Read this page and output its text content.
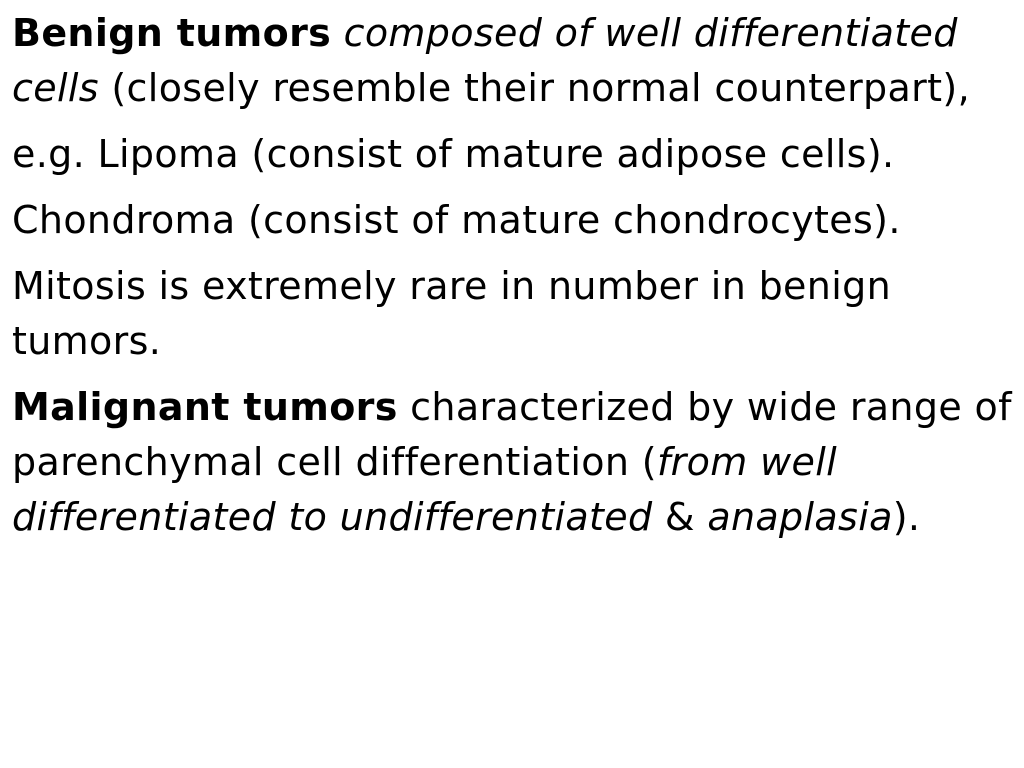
Benign tumors composed of well differentiated cells (closely resemble their normal counterpart),

e.g. Lipoma (consist of mature adipose cells).

Chondroma (consist of mature chondrocytes).

Mitosis is extremely rare in number in benign tumors.

Malignant tumors characterized by wide range of parenchymal cell differentiation (from well differentiated to undifferentiated & anaplasia).
